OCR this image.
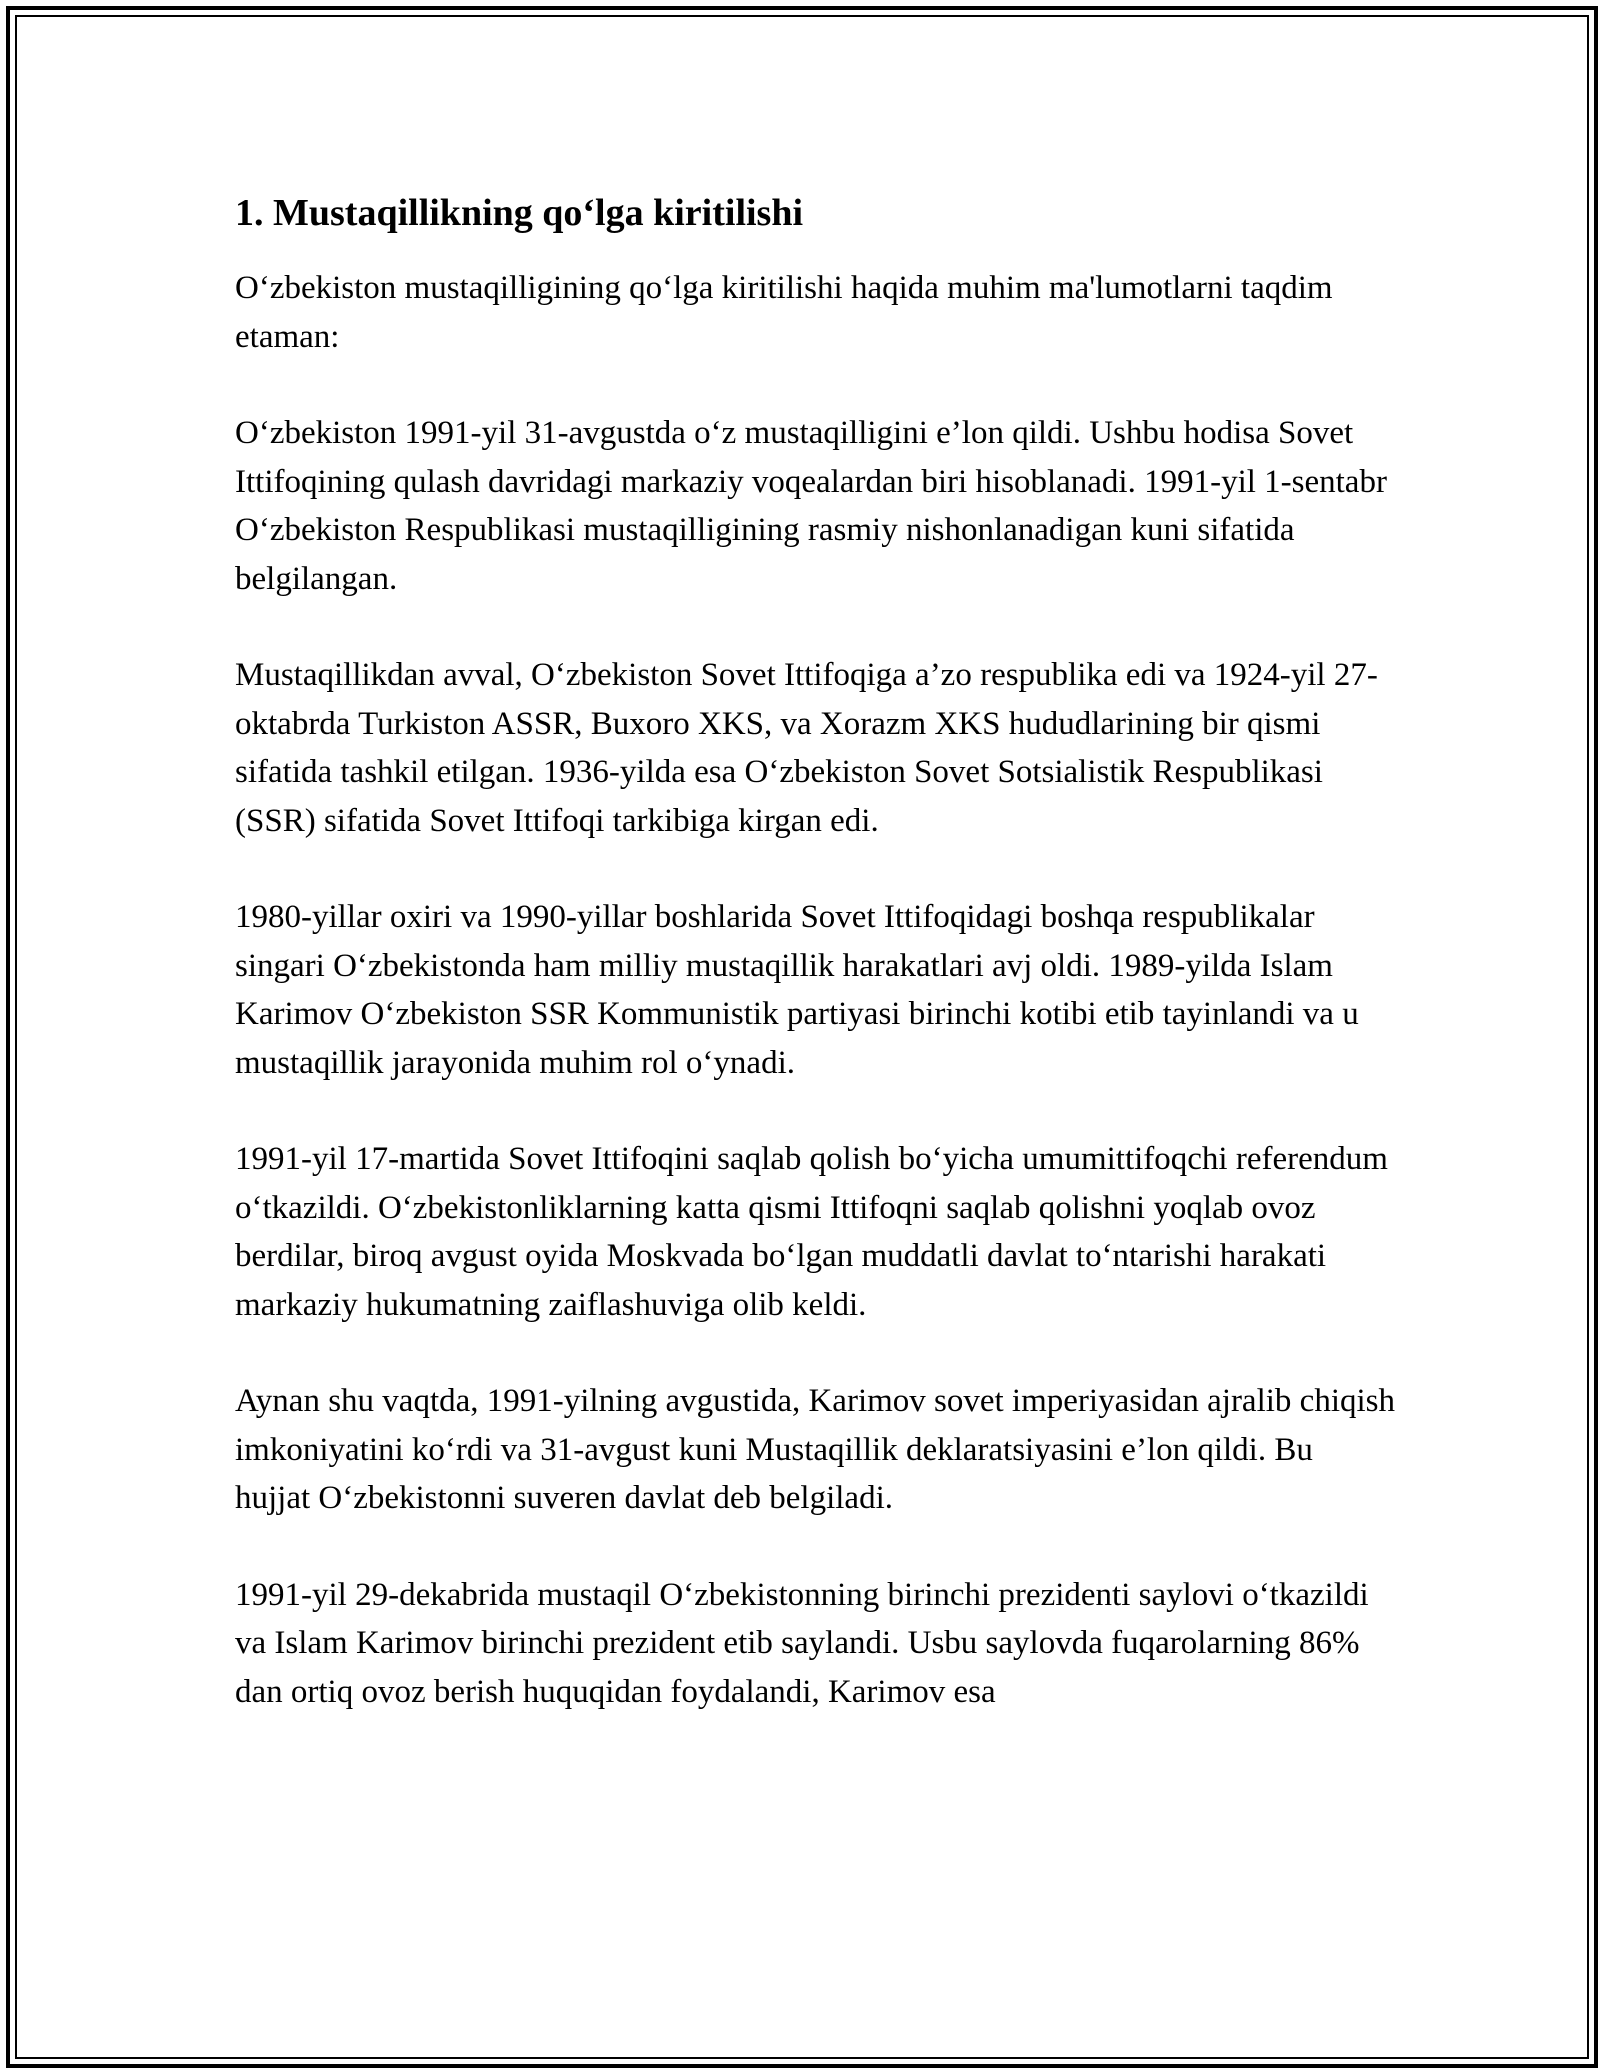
1. Mustaqillikning qo‘lga kiritilishi

O‘zbekiston mustaqilligining qo‘lga kiritilishi haqida muhim ma'lumotlarni taqdim etaman:

O‘zbekiston 1991-yil 31-avgustda o‘z mustaqilligini e’lon qildi. Ushbu hodisa Sovet Ittifoqining qulash davridagi markaziy voqealardan biri hisoblanadi. 1991-yil 1-sentabr O‘zbekiston Respublikasi mustaqilligining rasmiy nishonlanadigan kuni sifatida belgilangan.

Mustaqillikdan avval, O‘zbekiston Sovet Ittifoqiga a’zo respublika edi va 1924-yil 27-oktabrda Turkiston ASSR, Buxoro XKS, va Xorazm XKS hududlarining bir qismi sifatida tashkil etilgan. 1936-yilda esa O‘zbekiston Sovet Sotsialistik Respublikasi (SSR) sifatida Sovet Ittifoqi tarkibiga kirgan edi.

1980-yillar oxiri va 1990-yillar boshlarida Sovet Ittifoqidagi boshqa respublikalar singari O‘zbekistonda ham milliy mustaqillik harakatlari avj oldi. 1989-yilda Islam Karimov O‘zbekiston SSR Kommunistik partiyasi birinchi kotibi etib tayinlandi va u mustaqillik jarayonida muhim rol o‘ynadi.

1991-yil 17-martida Sovet Ittifoqini saqlab qolish bo‘yicha umumittifoqchi referendum o‘tkazildi. O‘zbekistonliklarning katta qismi Ittifoqni saqlab qolishni yoqlab ovoz berdilar, biroq avgust oyida Moskvada bo‘lgan muddatli davlat to‘ntarishi harakati markaziy hukumatning zaiflashuviga olib keldi.

Aynan shu vaqtda, 1991-yilning avgustida, Karimov sovet imperiyasidan ajralib chiqish imkoniyatini ko‘rdi va 31-avgust kuni Mustaqillik deklaratsiyasini e’lon qildi. Bu hujjat O‘zbekistonni suveren davlat deb belgiladi.

1991-yil 29-dekabrida mustaqil O‘zbekistonning birinchi prezidenti saylovi o‘tkazildi va Islam Karimov birinchi prezident etib saylandi. Usbu saylovda fuqarolarning 86% dan ortiq ovoz berish huquqidan foydalandi, Karimov esa
